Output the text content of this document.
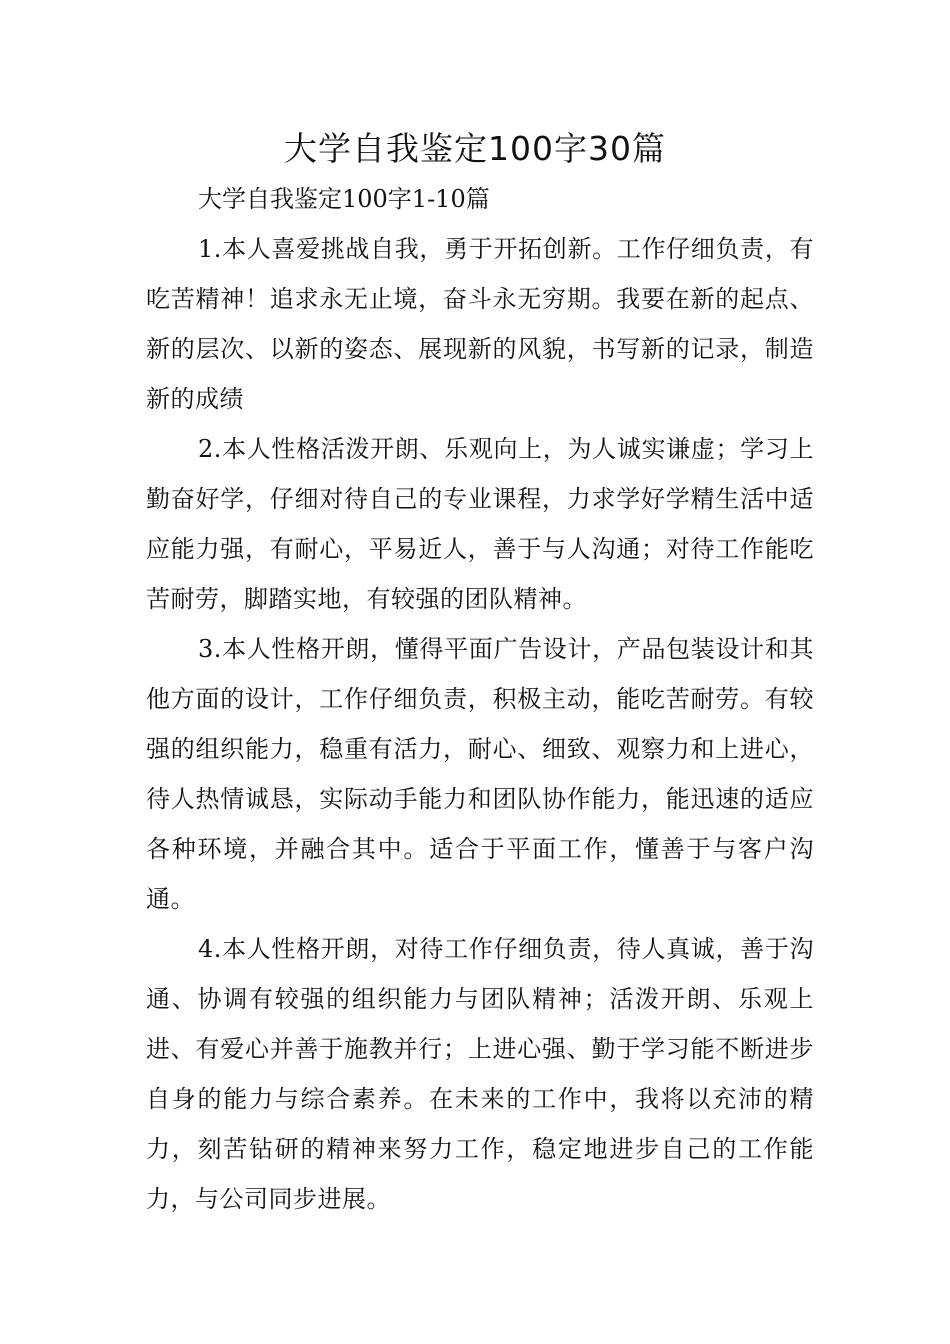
大学自我鉴定100字30篇

大学自我鉴定100字1-10篇

1.本人喜爱挑战自我，勇于开拓创新。工作仔细负责，有吃苦精神！追求永无止境，奋斗永无穷期。我要在新的起点、新的层次、以新的姿态、展现新的风貌，书写新的记录，制造新的成绩

2.本人性格活泼开朗、乐观向上，为人诚实谦虚；学习上勤奋好学，仔细对待自己的专业课程，力求学好学精生活中适应能力强，有耐心，平易近人，善于与人沟通；对待工作能吃苦耐劳，脚踏实地，有较强的团队精神。

3.本人性格开朗，懂得平面广告设计，产品包装设计和其他方面的设计，工作仔细负责，积极主动，能吃苦耐劳。有较强的组织能力，稳重有活力，耐心、细致、观察力和上进心，待人热情诚恳，实际动手能力和团队协作能力，能迅速的适应各种环境，并融合其中。适合于平面工作，懂善于与客户沟通。

4.本人性格开朗，对待工作仔细负责，待人真诚，善于沟通、协调有较强的组织能力与团队精神；活泼开朗、乐观上进、有爱心并善于施教并行；上进心强、勤于学习能不断进步自身的能力与综合素养。在未来的工作中，我将以充沛的精力，刻苦钻研的精神来努力工作，稳定地进步自己的工作能力，与公司同步进展。
